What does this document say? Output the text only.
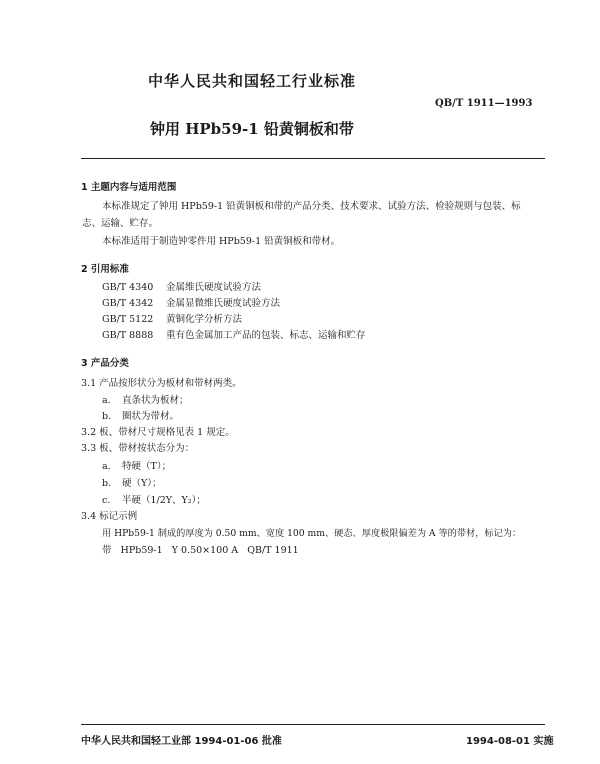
中华人民共和国轻工行业标准
QB/T 1911—1993
钟用 HPb59-1 铅黄铜板和带
1 主题内容与适用范围
本标准规定了钟用 HPb59-1 铅黄铜板和带的产品分类、技术要求、试验方法、检验规则与包装、标
志、运输、贮存。
本标准适用于制造钟零件用 HPb59-1 铅黄铜板和带材。
2 引用标准
GB/T 4340 金属维氏硬度试验方法
GB/T 4342 金属显微维氏硬度试验方法
GB/T 5122 黄铜化学分析方法
GB/T 8888 重有色金属加工产品的包装、标志、运输和贮存
3 产品分类
3.1 产品按形状分为板材和带材两类。
a. 直条状为板材；
b. 圈状为带材。
3.2 板、带材尺寸规格见表 1 规定。
3.3 板、带材按状态分为：
a. 特硬（T）；
b. 硬（Y）；
c. 半硬（1/2Y、Y₂）；
3.4 标记示例
用 HPb59-1 制成的厚度为 0.50 mm、宽度 100 mm、硬态、厚度极限偏差为 A 等的带材，标记为：
带   HPb59-1   Y 0.50×100 A   QB/T 1911
中华人民共和国轻工业部 1994-01-06 批准	1994-08-01 实施
